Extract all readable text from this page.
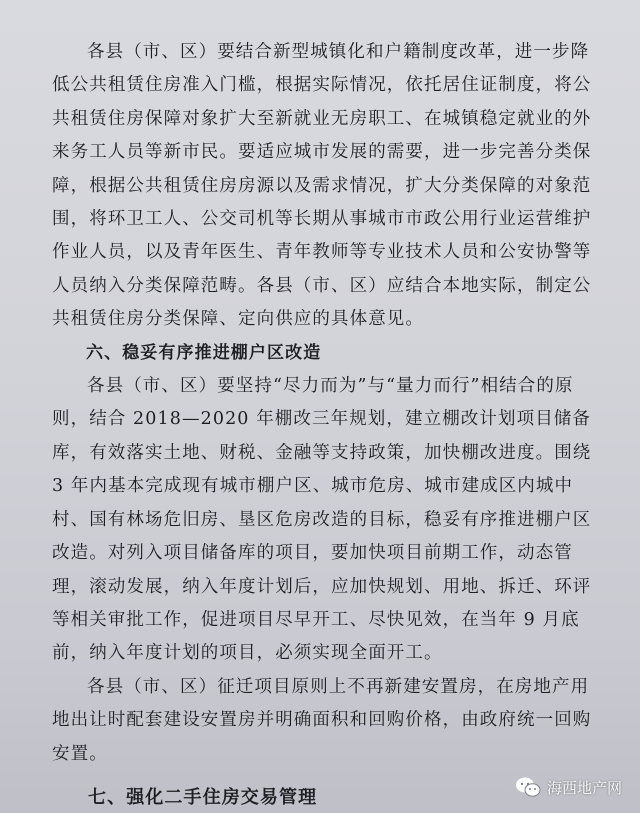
各县（市、区）要结合新型城镇化和户籍制度改革，进一步降低公共租赁住房准入门槛，根据实际情况，依托居住证制度，将公共租赁住房保障对象扩大至新就业无房职工、在城镇稳定就业的外来务工人员等新市民。要适应城市发展的需要，进一步完善分类保障，根据公共租赁住房房源以及需求情况，扩大分类保障的对象范围，将环卫工人、公交司机等长期从事城市市政公用行业运营维护作业人员，以及青年医生、青年教师等专业技术人员和公安协警等人员纳入分类保障范畴。各县（市、区）应结合本地实际，制定公共租赁住房分类保障、定向供应的具体意见。

六、稳妥有序推进棚户区改造

各县（市、区）要坚持“尽力而为”与“量力而行”相结合的原则，结合 2018—2020 年棚改三年规划，建立棚改计划项目储备库，有效落实土地、财税、金融等支持政策，加快棚改进度。围绕 3 年内基本完成现有城市棚户区、城市危房、城市建成区内城中村、国有林场危旧房、垦区危房改造的目标，稳妥有序推进棚户区改造。对列入项目储备库的项目，要加快项目前期工作，动态管理，滚动发展，纳入年度计划后，应加快规划、用地、拆迁、环评等相关审批工作，促进项目尽早开工、尽快见效，在当年 9 月底前，纳入年度计划的项目，必须实现全面开工。

各县（市、区）征迁项目原则上不再新建安置房，在房地产用地出让时配套建设安置房并明确面积和回购价格，由政府统一回购安置。

七、强化二手住房交易管理	海西地产网
